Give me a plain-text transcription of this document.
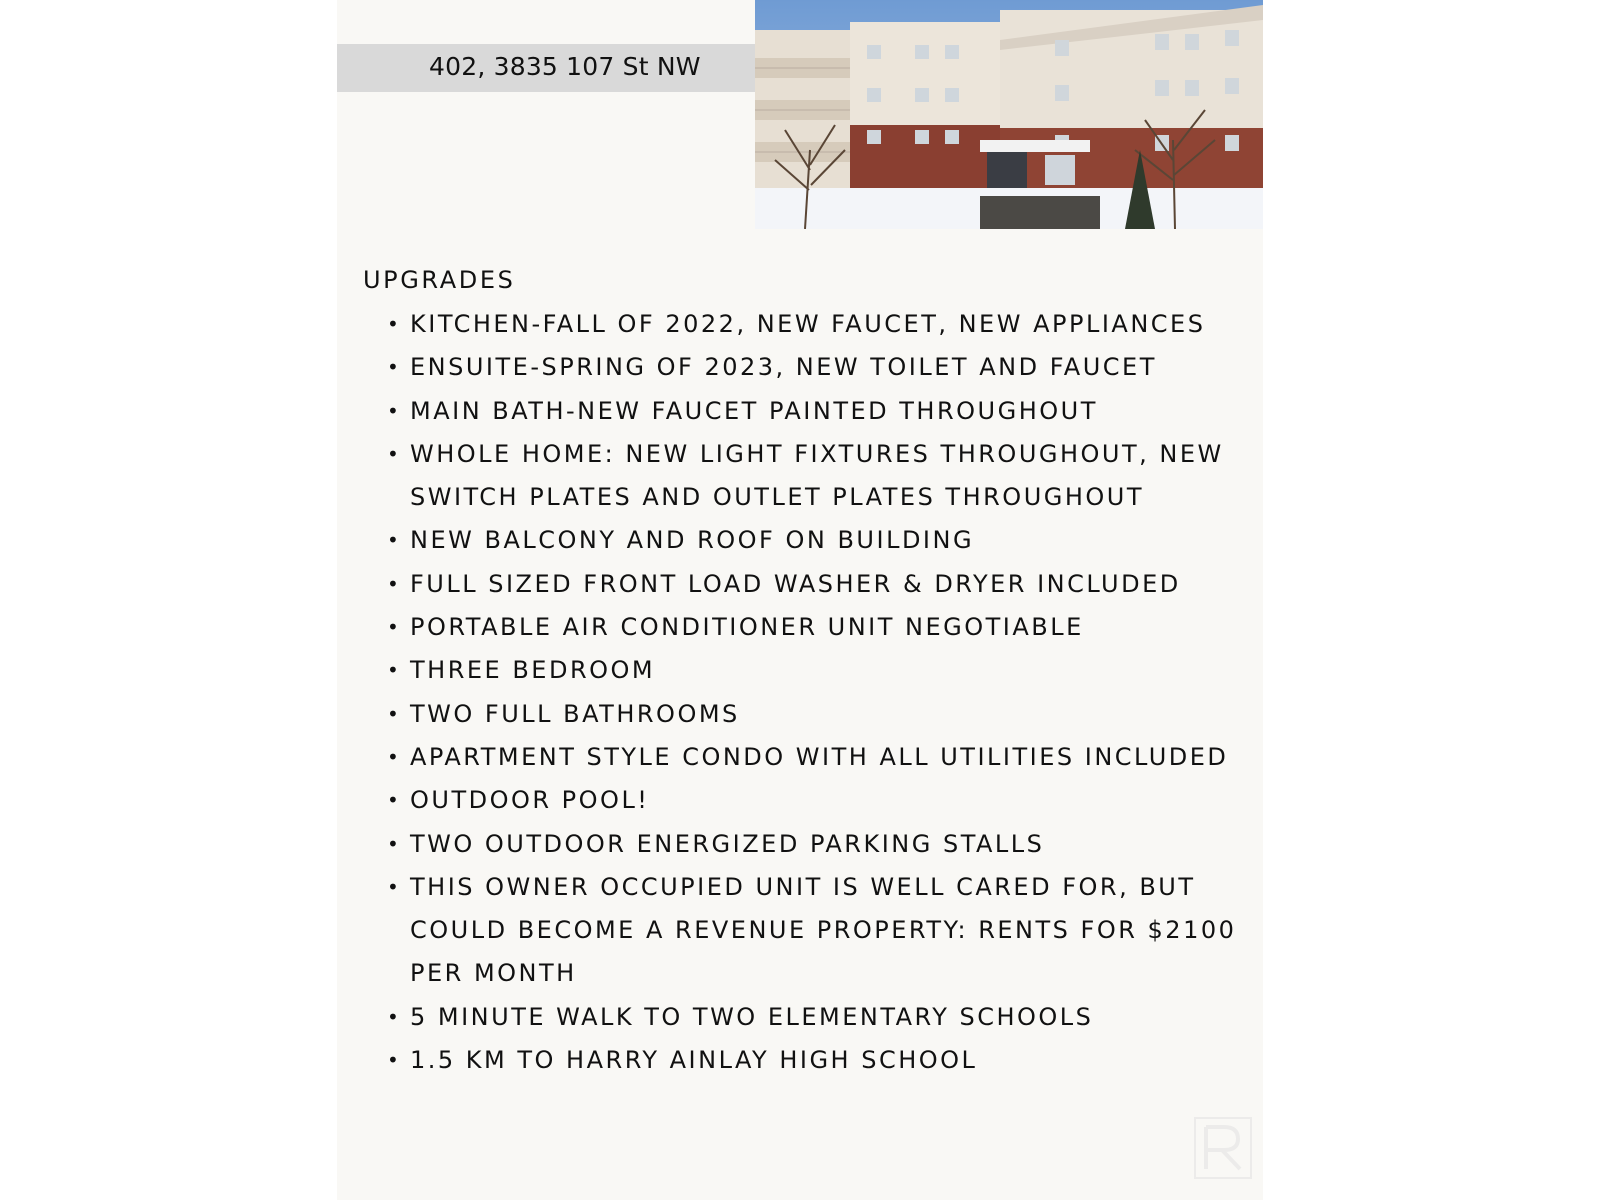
402, 3835 107 St NW
UPGRADES
• KITCHEN-FALL OF 2022, NEW FAUCET, NEW APPLIANCES
• ENSUITE-SPRING OF 2023, NEW TOILET AND FAUCET
• MAIN BATH-NEW FAUCET PAINTED THROUGHOUT
• WHOLE HOME: NEW LIGHT FIXTURES THROUGHOUT, NEW SWITCH PLATES AND OUTLET PLATES THROUGHOUT
• NEW BALCONY AND ROOF ON BUILDING
• FULL SIZED FRONT LOAD WASHER & DRYER INCLUDED
• PORTABLE AIR CONDITIONER UNIT NEGOTIABLE
• THREE BEDROOM
• TWO FULL BATHROOMS
• APARTMENT STYLE CONDO WITH ALL UTILITIES INCLUDED
• OUTDOOR POOL!
• TWO OUTDOOR ENERGIZED PARKING STALLS
• THIS OWNER OCCUPIED UNIT IS WELL CARED FOR, BUT COULD BECOME A REVENUE PROPERTY: RENTS FOR $2100 PER MONTH
• 5 MINUTE WALK TO TWO ELEMENTARY SCHOOLS
• 1.5 KM TO HARRY AINLAY HIGH SCHOOL
